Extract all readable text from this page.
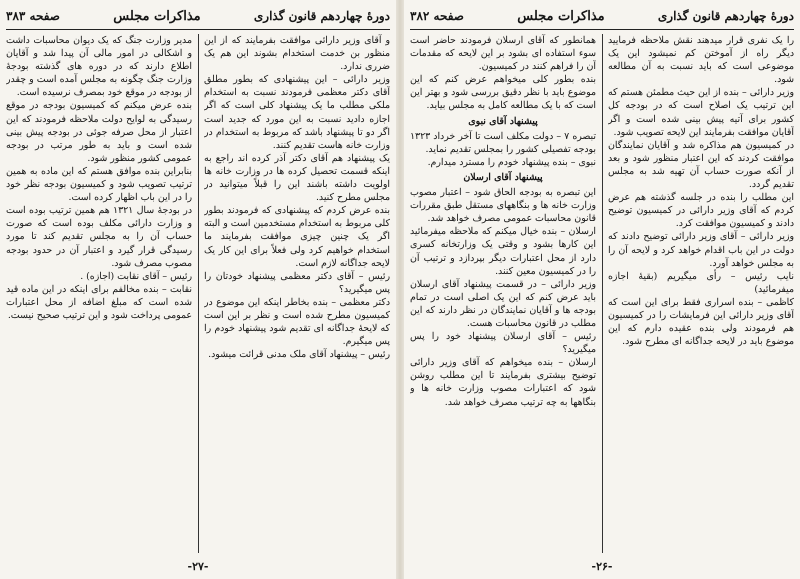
دورهٔ چهاردهم قانون گذاری
مذاکرات مجلس
صفحه ۳۸۳

و آقای وزیر دارائی موافقت بفرمایند که از این منظور بن خدمت استخدام بشوند این هم یک ضرری ندارد.

وزیر دارائی – این پیشنهادی که بطور مطلق آقای دکتر معظمی فرمودند نسبت به استخدام ملکی مطلب ما یک پیشنهاد کلی است که اگر اجازه دادید نسبت به این مورد که جدید است اگر دو تا پیشنهاد باشد که مربوط به استخدام در وزارت خانه هاست تقدیم کنند.

یک پیشنهاد هم آقای دکتر آذر کرده اند راجع به اینکه قسمت تحصیل کرده ها در وزارت خانه ها اولویت داشته باشند این را قبلاً میتوانید در مجلس مطرح کنید.

بنده عرض کردم که پیشنهادی که فرمودند بطور کلی مربوط به استخدام مستخدمین است و البته اگر یک چنین چیزی موافقت بفرمایند ما استخدام خواهیم کرد ولی فعلاً برای این کار یک لایحه جداگانه لازم است.

رئیس – آقای دکتر معظمی پیشنهاد خودتان را پس میگیرید؟

دکتر معظمی – بنده بخاطر اینکه این موضوع در کمیسیون مطرح شده است و نظر بر این است که لایحهٔ جداگانه ای تقدیم شود پیشنهاد خودم را پس میگیرم.

رئیس – پیشنهاد آقای ملک مدنی قرائت میشود.

مدیر وزارت جنگ که یک دیوان محاسبات داشت و اشکالی در امور مالی آن پیدا شد و آقایان اطلاع دارند که در دوره های گذشته بودجهٔ وزارت جنگ چگونه به مجلس آمده است و چقدر از بودجه در موقع خود بمصرف نرسیده است.

بنده عرض میکنم که کمیسیون بودجه در موقع رسیدگی به لوایح دولت ملاحظه فرمودند که این اعتبار از محل صرفه جوئی در بودجه پیش بینی شده است و باید به طور مرتب در بودجه عمومی کشور منظور شود.

بنابراین بنده موافق هستم که این ماده به همین ترتیب تصویب شود و کمیسیون بودجه نظر خود را در این باب اظهار کرده است.

در بودجهٔ سال ۱۳۲۱ هم همین ترتیب بوده است و وزارت دارائی مکلف بوده است که صورت حساب آن را به مجلس تقدیم کند تا مورد رسیدگی قرار گیرد و اعتبار آن در حدود بودجه مصوب مصرف شود.

رئیس – آقای نقابت (اجازه) .

نقابت – بنده مخالفم برای اینکه در این ماده قید شده است که مبلغ اضافه از محل اعتبارات عمومی پرداخت شود و این ترتیب صحیح نیست.

-۲۷-
دورهٔ چهاردهم قانون گذاری
مذاکرات مجلس
صفحه ۳۸۲

را یک نفری قرار میدهند نقش ملاحظه فرمایید دیگر راه از آموختن کم نمیشود این یک موضوعی است که باید نسبت به آن مطالعه شود.

وزیر دارائی – بنده از این حیث مطمئن هستم که این ترتیب یک اصلاح است که در بودجه کل کشور برای آتیه پیش بینی شده است و اگر آقایان موافقت بفرمایند این لایحه تصویب شود.

در کمیسیون هم مذاکره شد و آقایان نمایندگان موافقت کردند که این اعتبار منظور شود و بعد از آنکه صورت حساب آن تهیه شد به مجلس تقدیم گردد.

این مطلب را بنده در جلسه گذشته هم عرض کردم که آقای وزیر دارائی در کمیسیون توضیح دادند و کمیسیون موافقت کرد.

وزیر دارائی – آقای وزیر دارائی توضیح دادند که دولت در این باب اقدام خواهد کرد و لایحه آن را به مجلس خواهد آورد.

نایب رئیس – رأی میگیریم (بقیهٔ اجازه میفرمائید)

کاظمی – بنده اسراری فقط برای این است که آقای وزیر دارائی این فرمایشات را در کمیسیون هم فرمودند ولی بنده عقیده دارم که این موضوع باید در لایحه جداگانه ای مطرح شود.

همانطور که آقای ارسلان فرمودند حاضر است سوء استفاده ای بشود بر این لایحه که مقدمات آن را فراهم کنند در کمیسیون.

بنده بطور کلی میخواهم عرض کنم که این موضوع باید با نظر دقیق بررسی شود و بهتر این است که با یک مطالعه کامل به مجلس بیاید.

پیشنهاد آقای نبوی

تبصره ۷ – دولت مکلف است تا آخر خرداد ۱۳۲۳ بودجه تفصیلی کشور را بمجلس تقدیم نماید.

نبوی – بنده پیشنهاد خودم را مسترد میدارم.

پیشنهاد آقای ارسلان

این تبصره به بودجه الحاق شود – اعتبار مصوب وزارت خانه ها و بنگاههای مستقل طبق مقررات قانون محاسبات عمومی مصرف خواهد شد.

ارسلان – بنده خیال میکنم که ملاحظه میفرمائید این کارها بشود و وقتی یک وزارتخانه کسری دارد از محل اعتبارات دیگر بپردازد و ترتیب آن را در کمیسیون معین کنند.

وزیر دارائی – در قسمت پیشنهاد آقای ارسلان باید عرض کنم که این یک اصلی است در تمام بودجه ها و آقایان نمایندگان در نظر دارند که این مطلب در قانون محاسبات هست.

رئیس – آقای ارسلان پیشنهاد خود را پس میگیرید؟

ارسلان – بنده میخواهم که آقای وزیر دارائی توضیح بیشتری بفرمایند تا این مطلب روشن شود که اعتبارات مصوب وزارت خانه ها و بنگاهها به چه ترتیب مصرف خواهد شد.

-۲۶-
